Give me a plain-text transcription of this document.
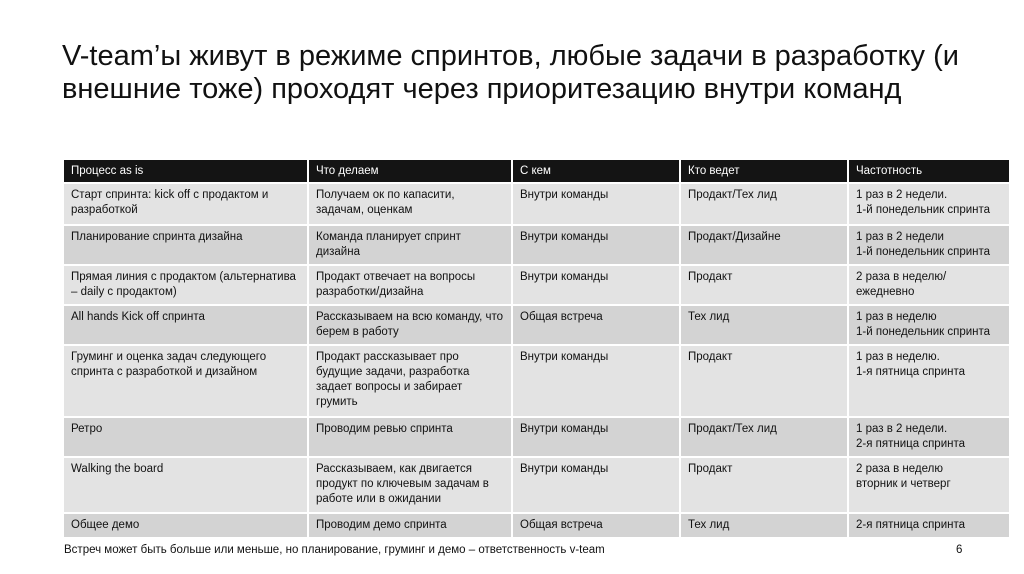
V-team’ы живут в режиме спринтов, любые задачи в разработку (и внешние тоже) проходят через приоритезацию внутри команд
Процесс as is	Что делаем	С кем	Кто ведет	Частотность
Старт спринта: kick off с продактом и разработкой	Получаем ок по капасити, задачам, оценкам	Внутри команды	Продакт/Тех лид	1 раз в 2 недели.
1-й понедельник спринта
Планирование спринта дизайна	Команда планирует спринт дизайна	Внутри команды	Продакт/Дизайне	1 раз в 2 недели
1-й понедельник спринта
Прямая линия с продактом (альтернатива – daily с продактом)	Продакт отвечает на вопросы разработки/дизайна	Внутри команды	Продакт	2 раза в неделю/ежедневно
All hands Kick off спринта	Рассказываем на всю команду, что берем в работу	Общая встреча	Тех лид	1 раз в неделю
1-й понедельник спринта
Груминг и оценка задач следующего спринта с разработкой и дизайном	Продакт рассказывает про будущие задачи, разработка задает вопросы и забирает грумить	Внутри команды	Продакт	1 раз в неделю.
1-я пятница спринта
Ретро	Проводим ревью спринта	Внутри команды	Продакт/Тех лид	1 раз в 2 недели.
2-я пятница спринта
Walking the board	Рассказываем, как двигается продукт по ключевым задачам в работе или в ожидании	Внутри команды	Продакт	2 раза в неделю
вторник и четверг
Общее демо	Проводим демо спринта	Общая встреча	Тех лид	2-я пятница спринта
Встреч может быть больше или меньше, но планирование, груминг и демо – ответственность v-team	6
